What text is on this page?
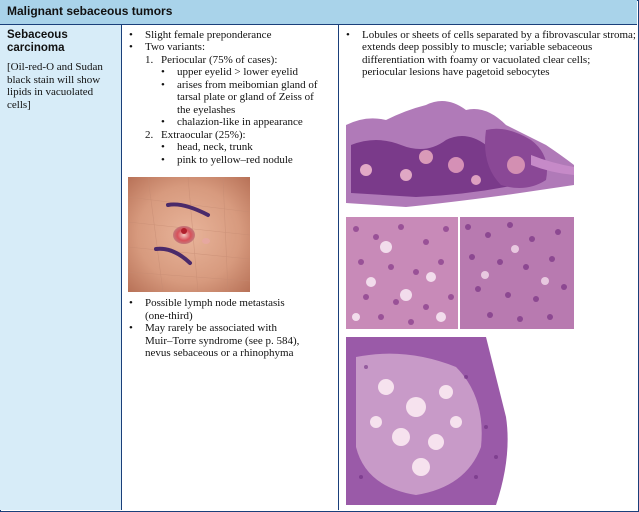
Malignant sebaceous tumors
Sebaceous carcinoma
[Oil-red-O and Sudan black stain will show lipids in vacuolated cells]
• Slight female preponderance
• Two variants:
1. Periocular (75% of cases):
• upper eyelid > lower eyelid
• arises from meibomian gland of
tarsal plate or gland of Zeiss of
the eyelashes
• chalazion-like in appearance
2. Extraocular (25%):
• head, neck, trunk
• pink to yellow–red nodule
• Possible lymph node metastasis
(one-third)
• May rarely be associated with
Muir–Torre syndrome (see p. 584),
nevus sebaceous or a rhinophyma
• Lobules or sheets of cells separated by a fibrovascular stroma;
extends deep possibly to muscle; variable sebaceous
differentiation with foamy or vacuolated clear cells;
periocular lesions have pagetoid sebocytes
